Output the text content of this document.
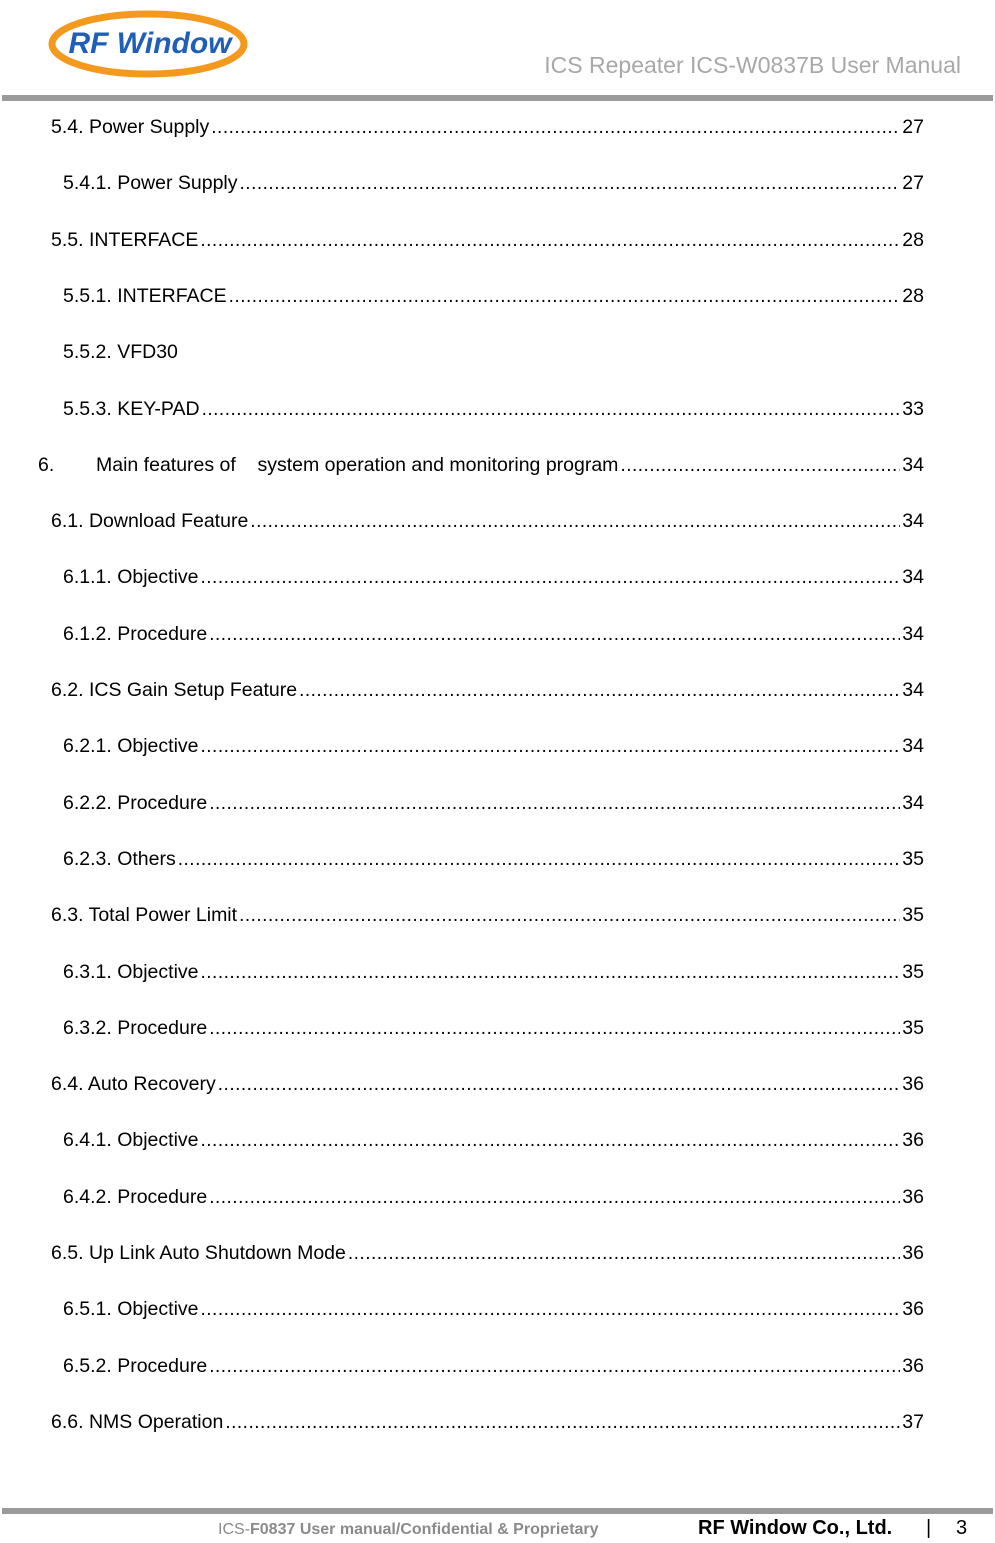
RF Window
ICS Repeater ICS-W0837B User Manual
5.4. Power Supply .....	27
5.4.1. Power Supply .....	27
5.5. INTERFACE .....	28
5.5.1. INTERFACE .....	28
5.5.2. VFD30
5.5.3. KEY-PAD .....	33
6. Main features of    system operation and monitoring program .....	34
6.1. Download Feature .....	34
6.1.1. Objective .....	34
6.1.2. Procedure .....	34
6.2. ICS Gain Setup Feature .....	34
6.2.1. Objective .....	34
6.2.2. Procedure .....	34
6.2.3. Others .....	35
6.3. Total Power Limit .....	35
6.3.1. Objective .....	35
6.3.2. Procedure .....	35
6.4. Auto Recovery .....	36
6.4.1. Objective .....	36
6.4.2. Procedure .....	36
6.5. Up Link Auto Shutdown Mode .....	36
6.5.1. Objective .....	36
6.5.2. Procedure .....	36
6.6. NMS Operation .....	37
ICS-F0837 User manual/Confidential & Proprietary	RF Window Co., Ltd. | 3
